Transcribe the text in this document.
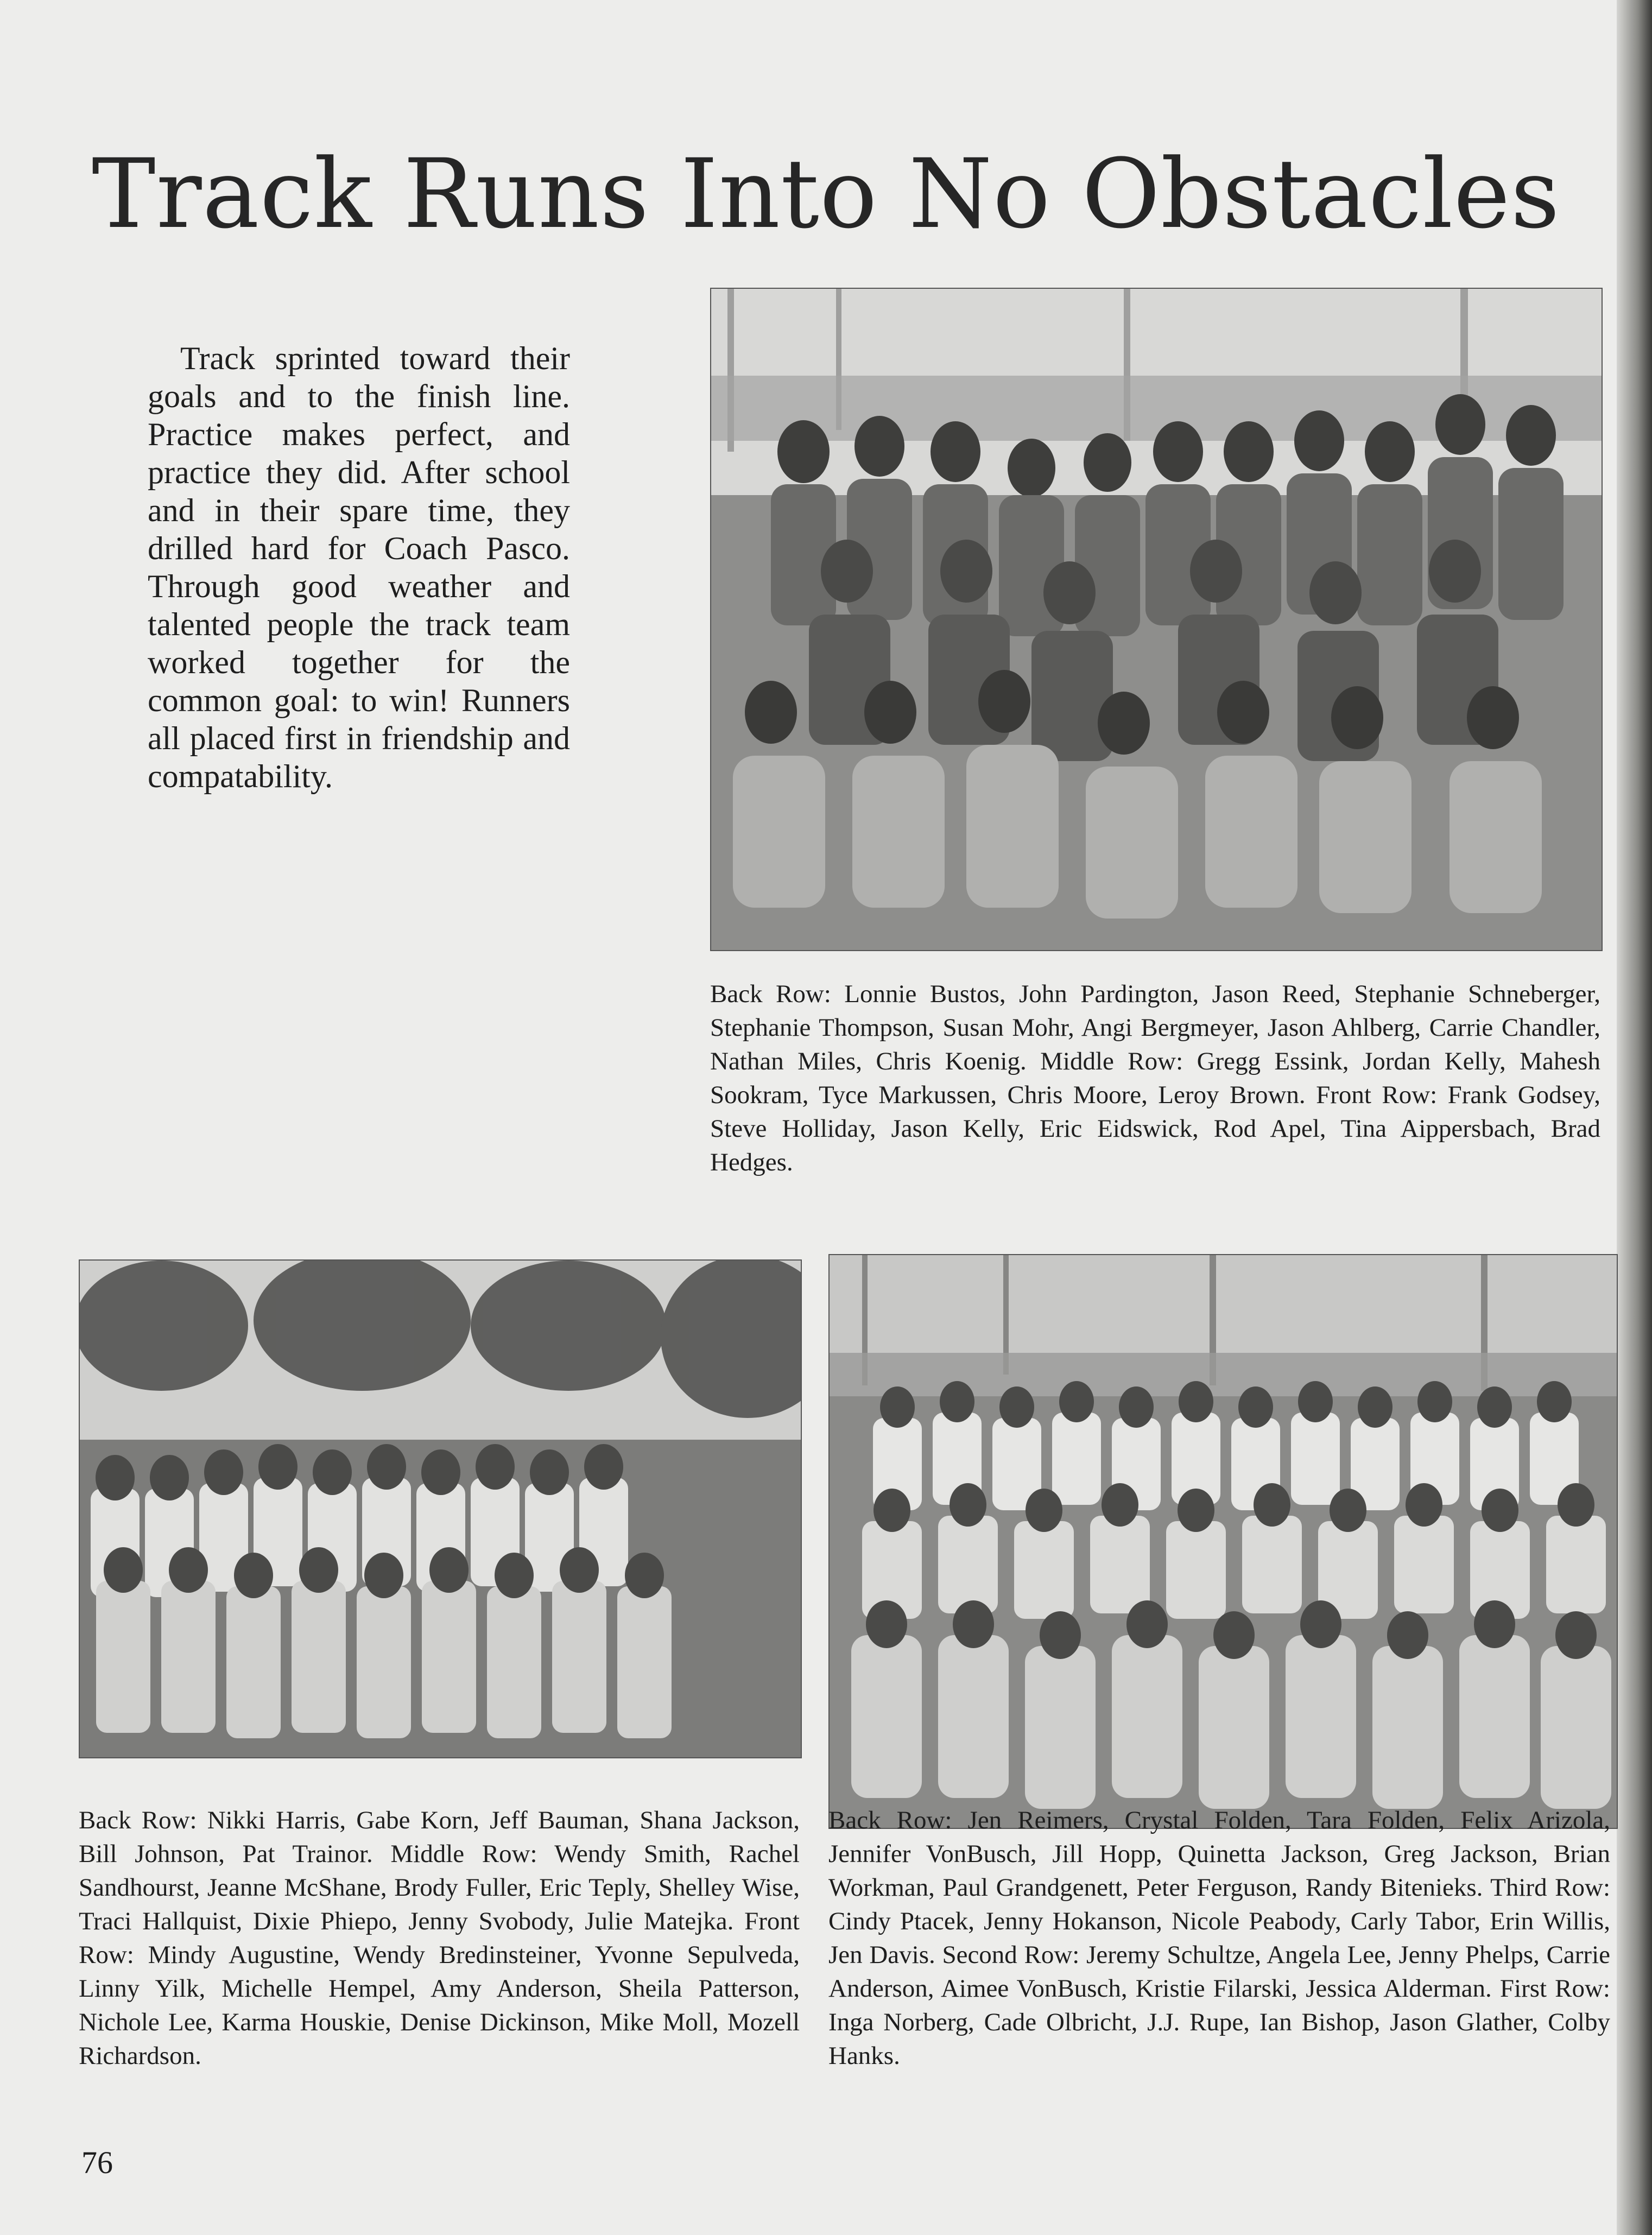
Track Runs Into No Obstacles

Track sprinted toward their goals and to the finish line. Practice makes perfect, and practice they did. After school and in their spare time, they drilled hard for Coach Pasco. Through good weather and talented people the track team worked together for the common goal: to win! Runners all placed first in friendship and compatability.

Back Row: Lonnie Bustos, John Pardington, Jason Reed, Stephanie Schneberger, Stephanie Thompson, Susan Mohr, Angi Bergmeyer, Jason Ahlberg, Carrie Chandler, Nathan Miles, Chris Koenig. Middle Row: Gregg Essink, Jordan Kelly, Mahesh Sookram, Tyce Markussen, Chris Moore, Leroy Brown. Front Row: Frank Godsey, Steve Holliday, Jason Kelly, Eric Eidswick, Rod Apel, Tina Aippersbach, Brad Hedges.
Back Row: Nikki Harris, Gabe Korn, Jeff Bauman, Shana Jackson, Bill Johnson, Pat Trainor. Middle Row: Wendy Smith, Rachel Sandhourst, Jeanne McShane, Brody Fuller, Eric Teply, Shelley Wise, Traci Hallquist, Dixie Phiepo, Jenny Svobody, Julie Matejka. Front Row: Mindy Augustine, Wendy Bredinsteiner, Yvonne Sepulveda, Linny Yilk, Michelle Hempel, Amy Anderson, Sheila Patterson, Nichole Lee, Karma Houskie, Denise Dickinson, Mike Moll, Mozell Richardson.
Back Row: Jen Reimers, Crystal Folden, Tara Folden, Felix Arizola, Jennifer VonBusch, Jill Hopp, Quinetta Jackson, Greg Jackson, Brian Workman, Paul Grandgenett, Peter Ferguson, Randy Bitenieks. Third Row: Cindy Ptacek, Jenny Hokanson, Nicole Peabody, Carly Tabor, Erin Willis, Jen Davis. Second Row: Jeremy Schultze, Angela Lee, Jenny Phelps, Carrie Anderson, Aimee VonBusch, Kristie Filarski, Jessica Alderman. First Row: Inga Norberg, Cade Olbricht, J.J. Rupe, Ian Bishop, Jason Glather, Colby Hanks.
76
